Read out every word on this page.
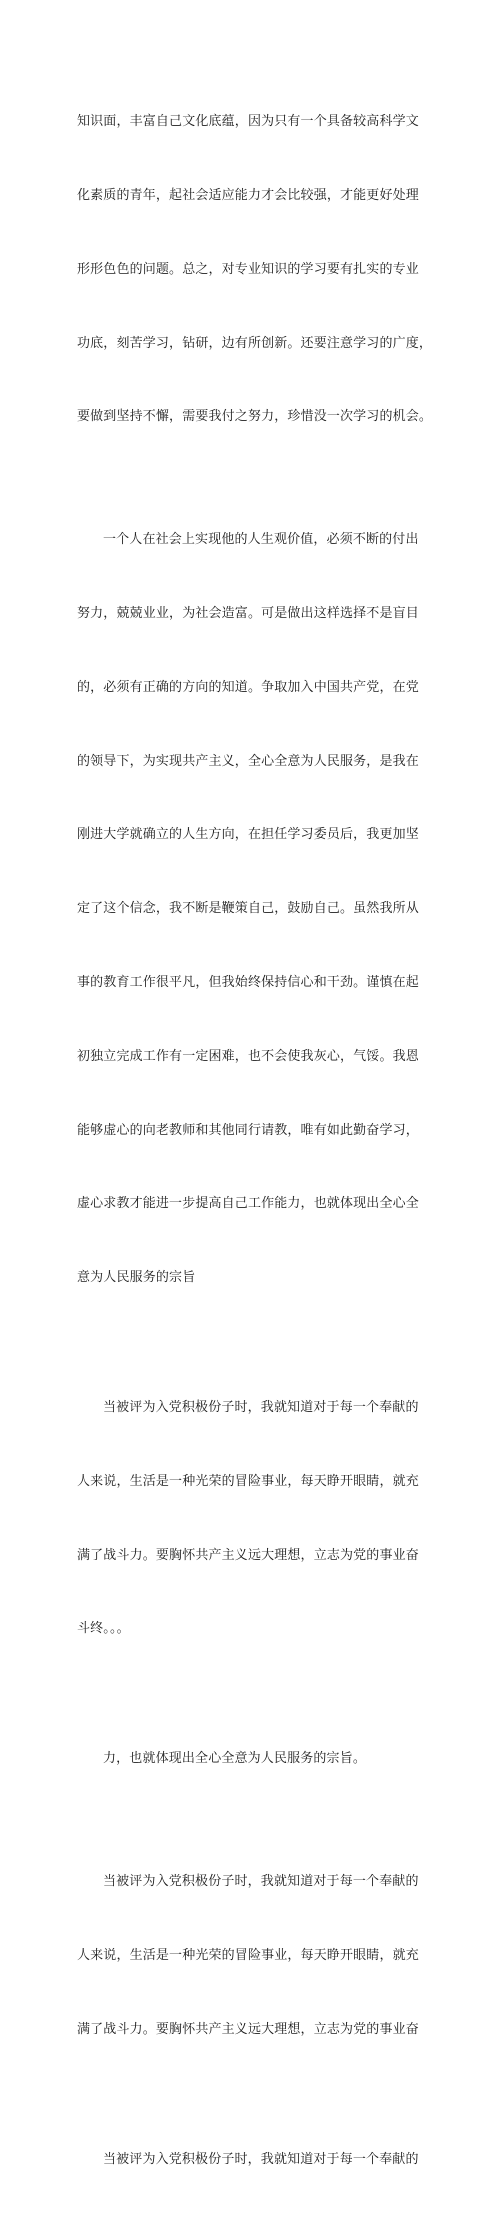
知识面，丰富自己文化底蕴，因为只有一个具备较高科学文

化素质的青年，起社会适应能力才会比较强，才能更好处理

形形色色的问题。总之，对专业知识的学习要有扎实的专业

功底，刻苦学习，钻研，边有所创新。还要注意学习的广度，

要做到坚持不懈，需要我付之努力，珍惜没一次学习的机会。

一个人在社会上实现他的人生观价值，必须不断的付出

努力，兢兢业业，为社会造富。可是做出这样选择不是盲目

的，必须有正确的方向的知道。争取加入中国共产党，在党

的领导下，为实现共产主义，全心全意为人民服务，是我在

刚进大学就确立的人生方向，在担任学习委员后，我更加坚

定了这个信念，我不断是鞭策自己，鼓励自己。虽然我所从

事的教育工作很平凡，但我始终保持信心和干劲。谨慎在起

初独立完成工作有一定困难，也不会使我灰心，气馁。我恩

能够虚心的向老教师和其他同行请教，唯有如此勤奋学习，

虚心求教才能进一步提高自己工作能力，也就体现出全心全

意为人民服务的宗旨

当被评为入党积极份子时，我就知道对于每一个奉献的

人来说，生活是一种光荣的冒险事业，每天睁开眼睛，就充

满了战斗力。要胸怀共产主义远大理想，立志为党的事业奋

斗终。。。

力，也就体现出全心全意为人民服务的宗旨。

当被评为入党积极份子时，我就知道对于每一个奉献的

人来说，生活是一种光荣的冒险事业，每天睁开眼睛，就充

满了战斗力。要胸怀共产主义远大理想，立志为党的事业奋

当被评为入党积极份子时，我就知道对于每一个奉献的
